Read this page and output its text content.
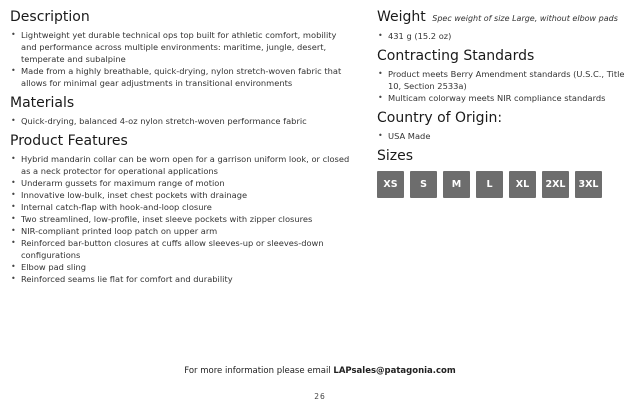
Description
• Lightweight yet durable technical ops top built for athletic comfort, mobility and performance across multiple environments: maritime, jungle, desert, temperate and subalpine
• Made from a highly breathable, quick-drying, nylon stretch-woven fabric that allows for minimal gear adjustments in transitional environments
Materials
• Quick-drying, balanced 4-oz nylon stretch-woven performance fabric
Product Features
• Hybrid mandarin collar can be worn open for a garrison uniform look, or closed as a neck protector for operational applications
• Underarm gussets for maximum range of motion
• Innovative low-bulk, inset chest pockets with drainage
• Internal catch-flap with hook-and-loop closure
• Two streamlined, low-profile, inset sleeve pockets with zipper closures
• NIR-compliant printed loop patch on upper arm
• Reinforced bar-button closures at cuffs allow sleeves-up or sleeves-down configurations
• Elbow pad sling
• Reinforced seams lie flat for comfort and durability
Weight Spec weight of size Large, without elbow pads
• 431 g (15.2 oz)
Contracting Standards
• Product meets Berry Amendment standards (U.S.C., Title 10, Section 2533a)
• Multicam colorway meets NIR compliance standards
Country of Origin:
• USA Made
Sizes
XS	S	M	L	XL	2XL	3XL
For more information please email LAPsales@patagonia.com
26
